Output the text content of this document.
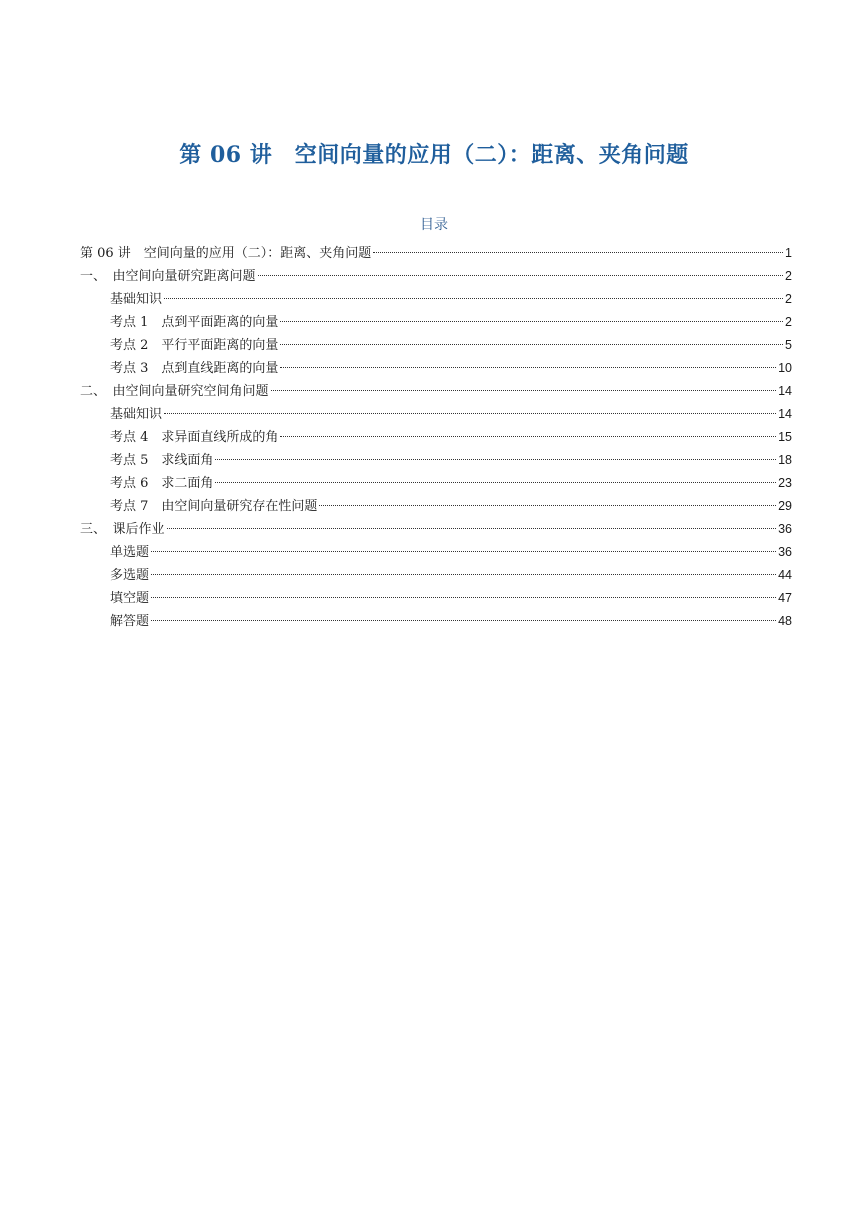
第 06 讲　空间向量的应用（二）：距离、夹角问题
目录
第 06 讲　空间向量的应用（二）：距离、夹角问题	1
一、　由空间向量研究距离问题	2
基础知识	2
考点 1　点到平面距离的向量	2
考点 2　平行平面距离的向量	5
考点 3　点到直线距离的向量	10
二、　由空间向量研究空间角问题	14
基础知识	14
考点 4　求异面直线所成的角	15
考点 5　求线面角	18
考点 6　求二面角	23
考点 7　由空间向量研究存在性问题	29
三、　课后作业	36
单选题	36
多选题	44
填空题	47
解答题	48
